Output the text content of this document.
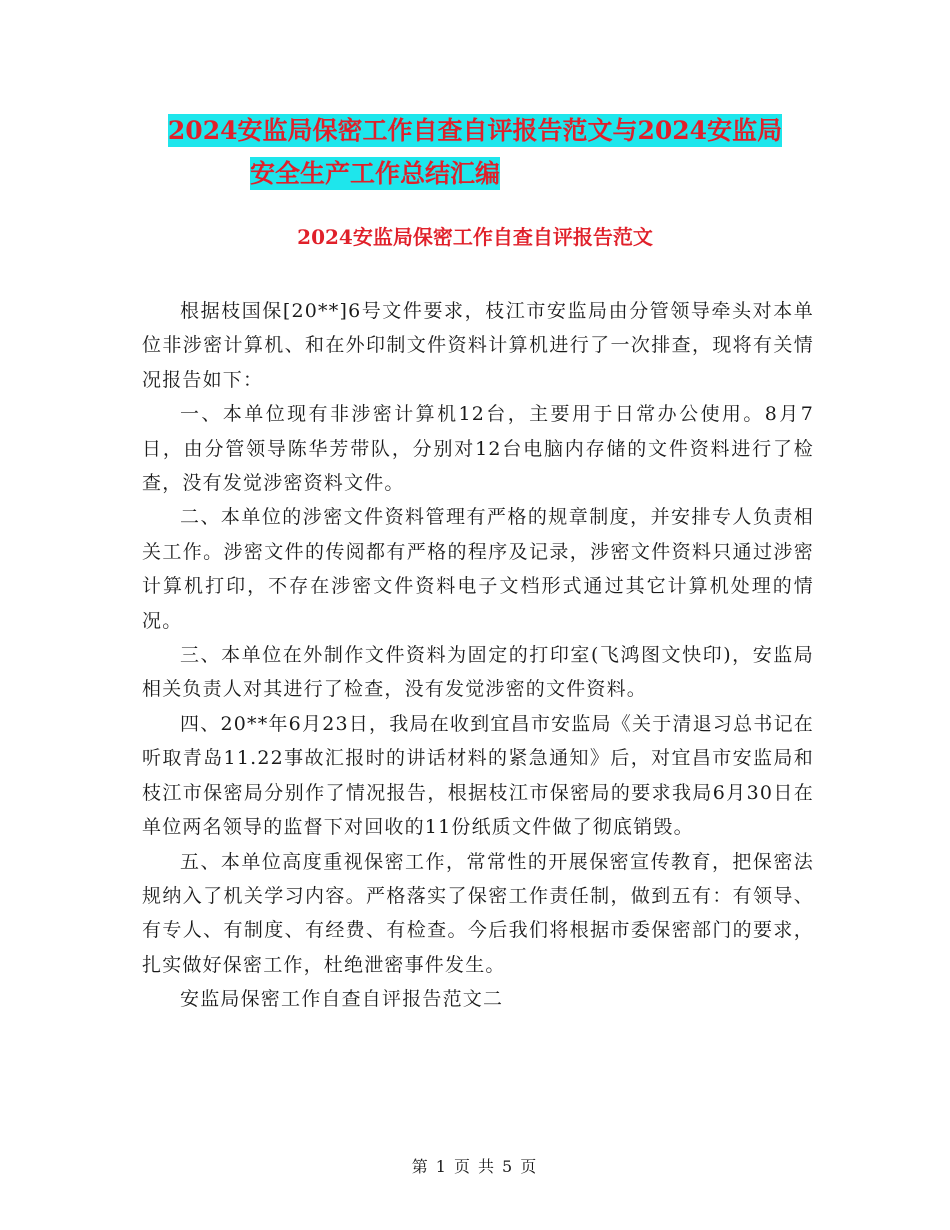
2024安监局保密工作自查自评报告范文与2024安监局
安全生产工作总结汇编
2024安监局保密工作自查自评报告范文

根据枝国保[20**]6号文件要求，枝江市安监局由分管领导牵头对本单位非涉密计算机、和在外印制文件资料计算机进行了一次排查，现将有关情况报告如下：

一、本单位现有非涉密计算机12台，主要用于日常办公使用。8月7日，由分管领导陈华芳带队，分别对12台电脑内存储的文件资料进行了检查，没有发觉涉密资料文件。

二、本单位的涉密文件资料管理有严格的规章制度，并安排专人负责相关工作。涉密文件的传阅都有严格的程序及记录，涉密文件资料只通过涉密计算机打印，不存在涉密文件资料电子文档形式通过其它计算机处理的情况。

三、本单位在外制作文件资料为固定的打印室(飞鸿图文快印)，安监局相关负责人对其进行了检查，没有发觉涉密的文件资料。

四、20**年6月23日，我局在收到宜昌市安监局《关于清退习总书记在听取青岛11.22事故汇报时的讲话材料的紧急通知》后，对宜昌市安监局和枝江市保密局分别作了情况报告，根据枝江市保密局的要求我局6月30日在单位两名领导的监督下对回收的11份纸质文件做了彻底销毁。

五、本单位高度重视保密工作，常常性的开展保密宣传教育，把保密法规纳入了机关学习内容。严格落实了保密工作责任制，做到五有：有领导、有专人、有制度、有经费、有检查。今后我们将根据市委保密部门的要求，扎实做好保密工作，杜绝泄密事件发生。

安监局保密工作自查自评报告范文二

第 1 页 共 5 页
